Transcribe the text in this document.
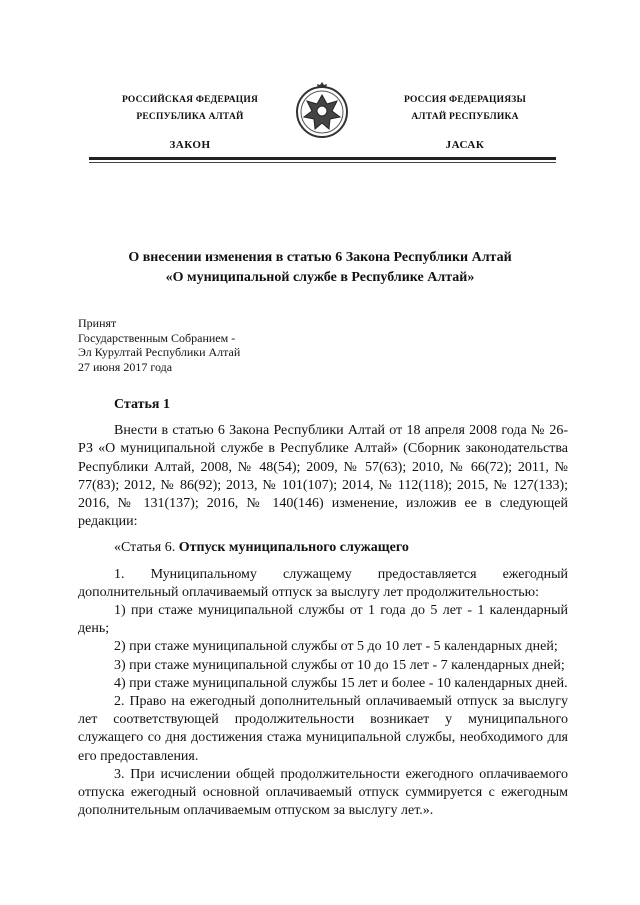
РОССИЙСКАЯ ФЕДЕРАЦИЯ
РЕСПУБЛИКА АЛТАЙ
ЗАКОН
РОССИЯ ФЕДЕРАЦИЯЗЫ
АЛТАЙ РЕСПУБЛИКА
JАСАК
О внесении изменения в статью 6 Закона Республики Алтай
«О муниципальной службе в Республике Алтай»
Принят
Государственным Собранием -
Эл Курултай Республики Алтай
27 июня 2017 года

Статья 1

Внести в статью 6 Закона Республики Алтай от 18 апреля 2008 года № 26-РЗ «О муниципальной службе в Республике Алтай» (Сборник законодательства Республики Алтай, 2008, № 48(54); 2009, № 57(63); 2010, № 66(72); 2011, № 77(83); 2012, № 86(92); 2013, № 101(107); 2014, № 112(118); 2015, № 127(133); 2016, № 131(137); 2016, № 140(146) изменение, изложив ее в следующей редакции:

«Статья 6. Отпуск муниципального служащего

1. Муниципальному служащему предоставляется ежегодный дополнительный оплачиваемый отпуск за выслугу лет продолжительностью:

1) при стаже муниципальной службы от 1 года до 5 лет - 1 календарный день;

2) при стаже муниципальной службы от 5 до 10 лет - 5 календарных дней;

3) при стаже муниципальной службы от 10 до 15 лет - 7 календарных дней;

4) при стаже муниципальной службы 15 лет и более - 10 календарных дней.

2. Право на ежегодный дополнительный оплачиваемый отпуск за выслугу лет соответствующей продолжительности возникает у муниципального служащего со дня достижения стажа муниципальной службы, необходимого для его предоставления.

3. При исчислении общей продолжительности ежегодного оплачиваемого отпуска ежегодный основной оплачиваемый отпуск суммируется с ежегодным дополнительным оплачиваемым отпуском за выслугу лет.».
